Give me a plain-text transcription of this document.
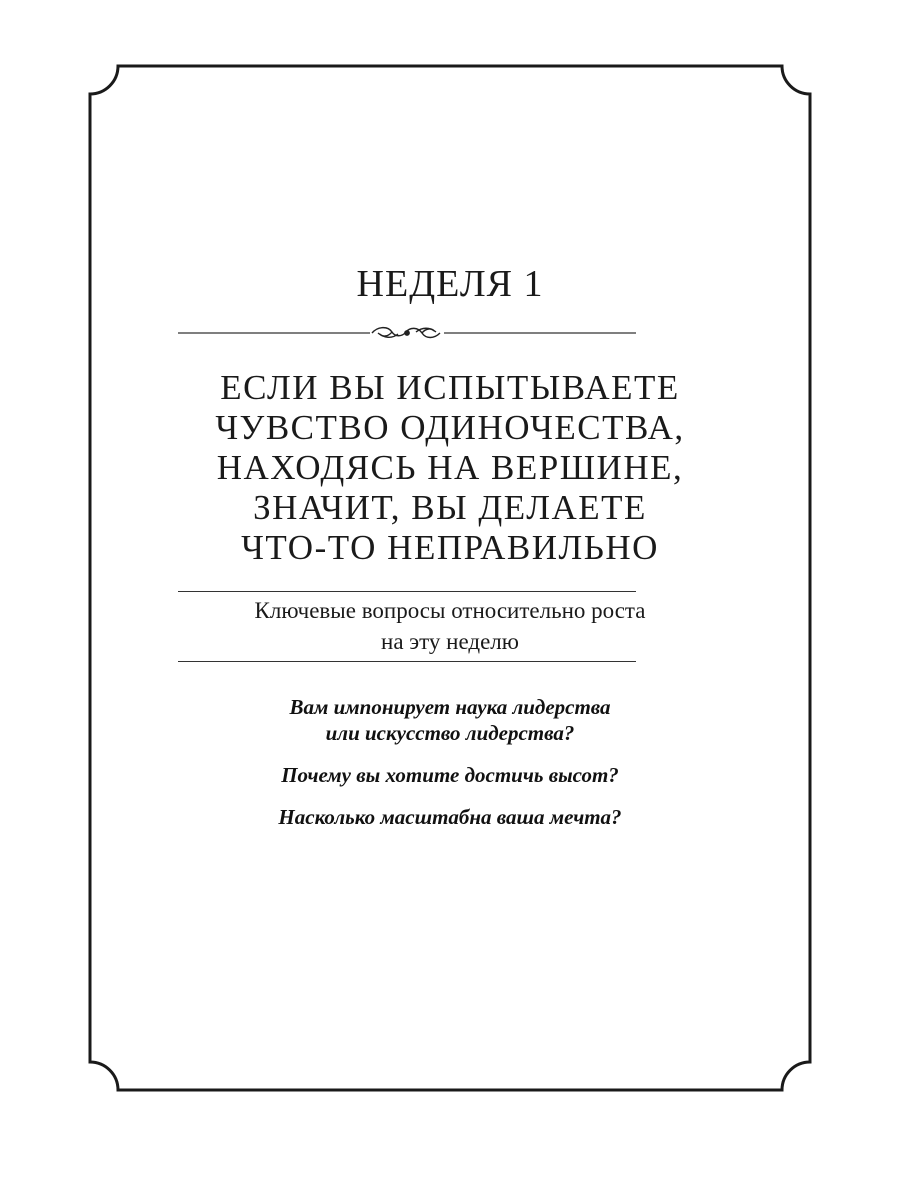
НЕДЕЛЯ 1
ЕСЛИ ВЫ ИСПЫТЫВАЕТЕ
ЧУВСТВО ОДИНОЧЕСТВА,
НАХОДЯСЬ НА ВЕРШИНЕ,
ЗНАЧИТ, ВЫ ДЕЛАЕТЕ
ЧТО-ТО НЕПРАВИЛЬНО
Ключевые вопросы относительно роста
на эту неделю
Вам импонирует наука лидерства
или искусство лидерства?
Почему вы хотите достичь высот?
Насколько масштабна ваша мечта?
